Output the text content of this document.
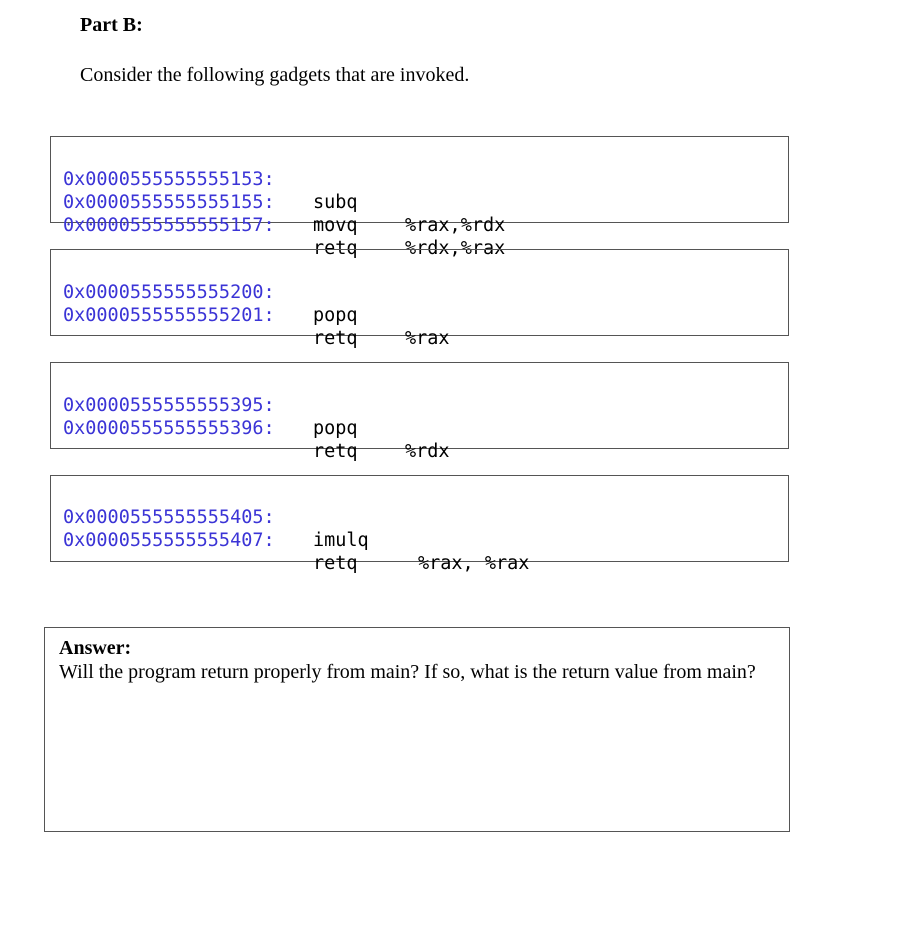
Part B:

Consider the following gadgets that are invoked.

0x0000555555555153:

subq

%rax,%rdx

0x0000555555555155:

movq

%rdx,%rax

0x0000555555555157:

retq

0x0000555555555200:

popq

%rax

0x0000555555555201:

retq

0x0000555555555395:

popq

%rdx

0x0000555555555396:

retq

0x0000555555555405:

imulq

%rax, %rax

0x0000555555555407:

retq

Answer:

Will the program return properly from main? If so, what is the return value from main?
